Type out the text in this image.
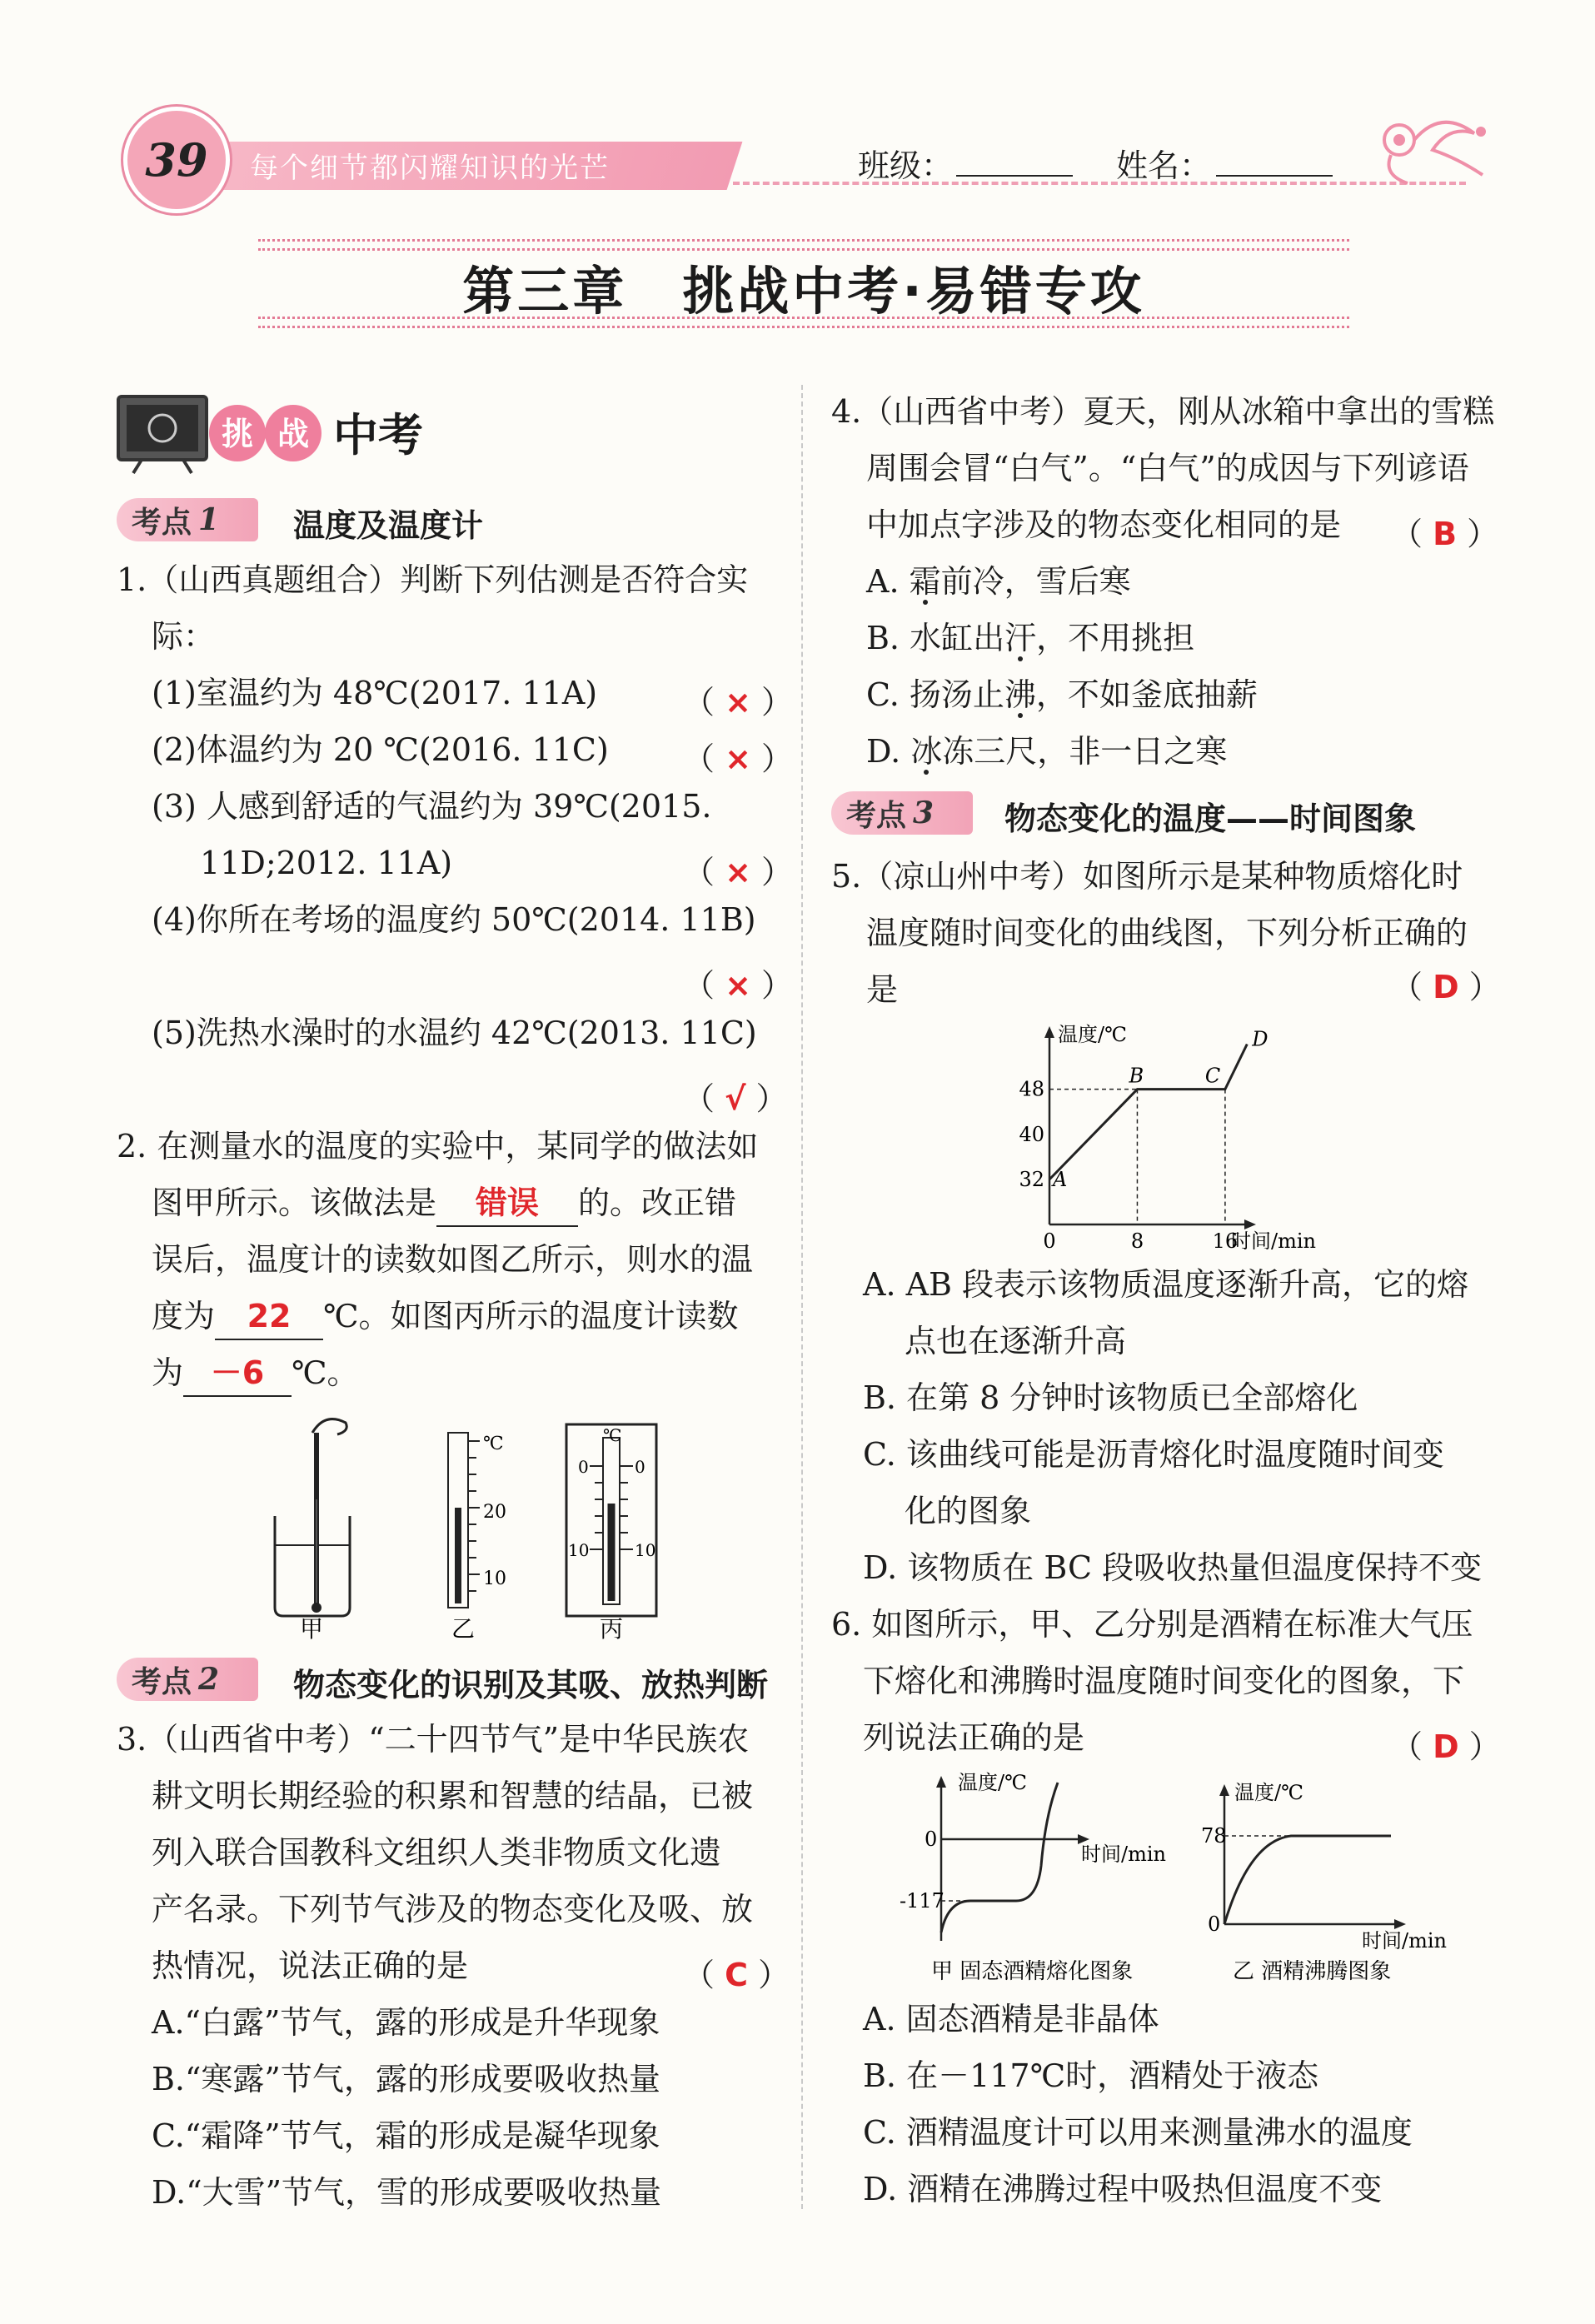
39	每个细节都闪耀知识的光芒	班级：	姓名：
第三章　挑战中考·易错专攻
挑 战 中考
考点 1 温度及温度计
1.（山西真题组合）判断下列估测是否符合实
际：
(1)室温约为 48℃(2017. 11A)	（ × ）
(2)体温约为 20 ℃(2016. 11C) （ × ）
(3) 人感到舒适的气温约为 39℃(2015.
11D;2012. 11A)	（ × ）
(4)你所在考场的温度约 50℃(2014. 11B)
（ × ）
(5)洗热水澡时的水温约 42℃(2013. 11C)
（ √ ）
2. 在测量水的温度的实验中，某同学的做法如
图甲所示。该做法是 错误 的。改正错
误后，温度计的读数如图乙所示，则水的温
度为 22 ℃。如图丙所示的温度计读数
为 －6 ℃。
甲
℃
20
10
乙
℃
0	0
10	10
丙
考点 2 物态变化的识别及其吸、放热判断
3.（山西省中考）“二十四节气”是中华民族农
耕文明长期经验的积累和智慧的结晶，已被
列入联合国教科文组织人类非物质文化遗
产名录。下列节气涉及的物态变化及吸、放
热情况，说法正确的是	（ C ）
A.“白露”节气，露的形成是升华现象
B.“寒露”节气，露的形成要吸收热量
C.“霜降”节气，霜的形成是凝华现象
D.“大雪”节气，雪的形成要吸收热量
4.（山西省中考）夏天，刚从冰箱中拿出的雪糕
周围会冒“白气”。“白气”的成因与下列谚语
中加点字涉及的物态变化相同的是 （ B ）
A. 霜前冷，雪后寒
B. 水缸出汗，不用挑担
C. 扬汤止沸，不如釜底抽薪
D. 冰冻三尺，非一日之寒
考点 3 物态变化的温度——时间图象
5.（凉山州中考）如图所示是某种物质熔化时
温度随时间变化的曲线图，下列分析正确的
是	（ D ）
温度/℃
时间/min
48
40
32
0	8	16
A
B	C
D
A. AB 段表示该物质温度逐渐升高，它的熔
点也在逐渐升高
B. 在第 8 分钟时该物质已全部熔化
C. 该曲线可能是沥青熔化时温度随时间变
化的图象
D. 该物质在 BC 段吸收热量但温度保持不变
6. 如图所示，甲、乙分别是酒精在标准大气压
下熔化和沸腾时温度随时间变化的图象，下
列说法正确的是	（ D ）
温度/℃
0
-117
时间/min
甲 固态酒精熔化图象
温度/℃
78
0
时间/min
乙 酒精沸腾图象
A. 固态酒精是非晶体
B. 在－117℃时，酒精处于液态
C. 酒精温度计可以用来测量沸水的温度
D. 酒精在沸腾过程中吸热但温度不变
